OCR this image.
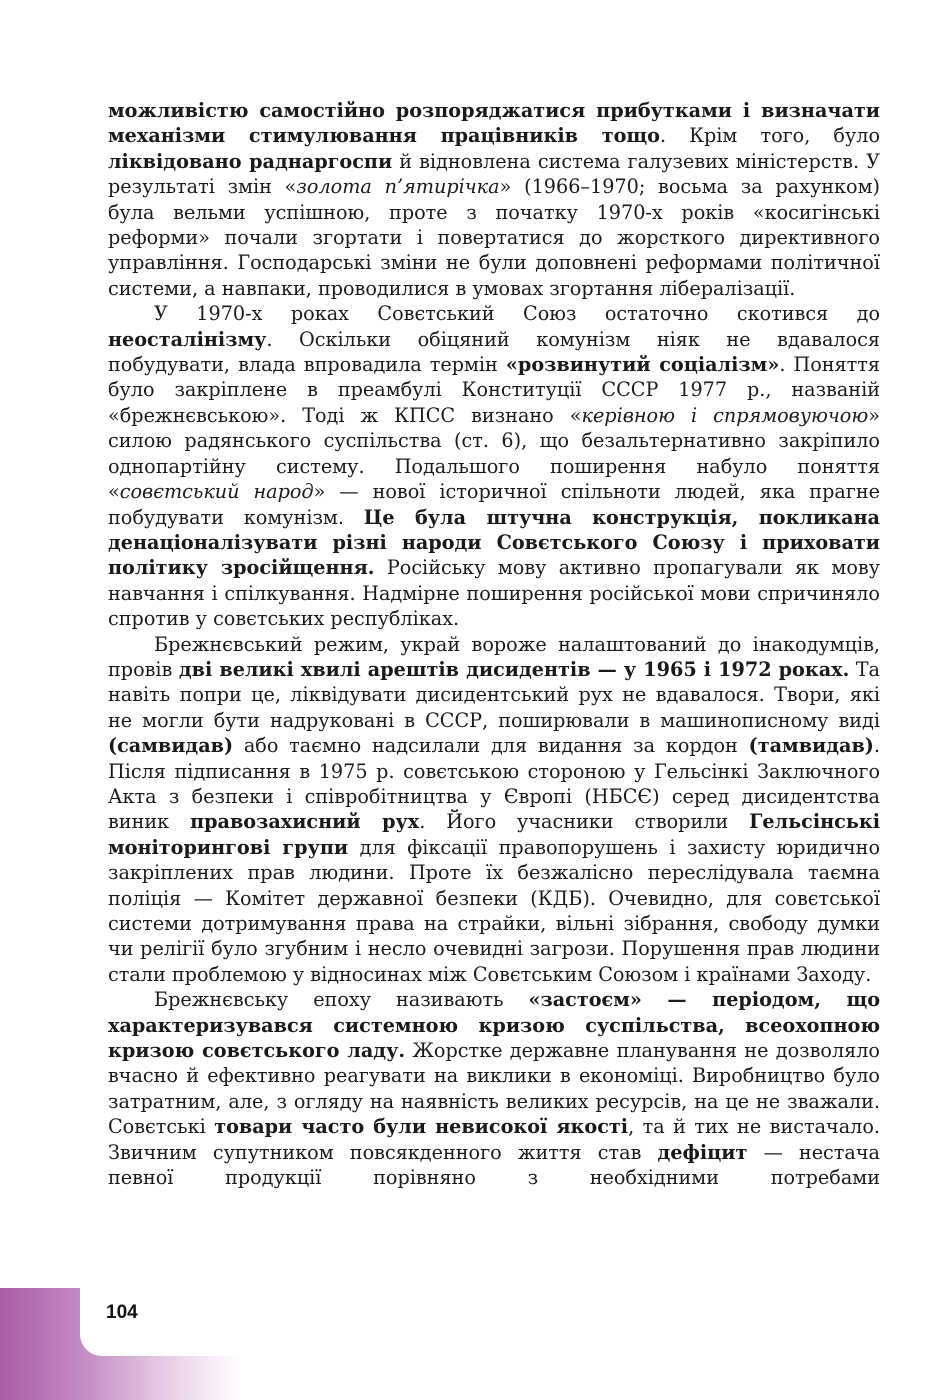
можливістю самостійно розпоряджатися прибутками і визначати механізми стимулювання працівників тощо. Крім того, було ліквідовано раднаргоспи й відновлена система галузевих міністерств. У результаті змін «золота п’ятирічка» (1966–1970; восьма за рахунком) була вельми успішною, проте з початку 1970-х років «косигінські реформи» почали згортати і повертатися до жорсткого директивного управління. Господарські зміни не були доповнені реформами політичної системи, а навпаки, проводилися в умовах згортання лібералізації.

У 1970-х роках Совєтський Союз остаточно скотився до неосталінізму. Оскільки обіцяний комунізм ніяк не вдавалося побудувати, влада впровадила термін «розвинутий соціалізм». Поняття було закріплене в преамбулі Конституції СССР 1977 р., названій «брежнєвською». Тоді ж КПСС визнано «керівною і спрямовуючою» силою радянського суспільства (ст. 6), що безальтернативно закріпило однопартійну систему. Подальшого поширення набуло поняття «совєтський народ» — нової історичної спільноти людей, яка прагне побудувати комунізм. Це була штучна конструкція, покликана денаціоналізувати різні народи Совєтського Союзу і приховати політику зросійщення. Російську мову активно пропагували як мову навчання і спілкування. Надмірне поширення російської мови спричиняло спротив у совєтських республіках.

Брежнєвський режим, украй вороже налаштований до інакодумців, провів дві великі хвилі арештів дисидентів — у 1965 і 1972 роках. Та навіть попри це, ліквідувати дисидентський рух не вдавалося. Твори, які не могли бути надруковані в СССР, поширювали в машинописному виді (самвидав) або таємно надсилали для видання за кордон (тамвидав). Після підписання в 1975 р. совєтською стороною у Гельсінкі Заключного Акта з безпеки і співробітництва у Європі (НБСЄ) серед дисидентства виник правозахисний рух. Його учасники створили Гельсінські моніторингові групи для фіксації правопорушень і захисту юридично закріплених прав людини. Проте їх безжалісно переслідувала таємна поліція — Комітет державної безпеки (КДБ). Очевидно, для совєтської системи дотримування права на страйки, вільні зібрання, свободу думки чи релігії було згубним і несло очевидні загрози. Порушення прав людини стали проблемою у відносинах між Совєтським Союзом і країнами Заходу.

Брежнєвську епоху називають «застоєм» — періодом, що характеризувався системною кризою суспільства, всеохопною кризою совєтського ладу. Жорстке державне планування не дозволяло вчасно й ефективно реагувати на виклики в економіці. Виробництво було затратним, але, з огляду на наявність великих ресурсів, на це не зважали. Совєтські товари часто були невисокої якості, та й тих не вистачало. Звичним супутником повсякденного життя став дефіцит — нестача певної продукції порівняно з необхідними потребами

104
